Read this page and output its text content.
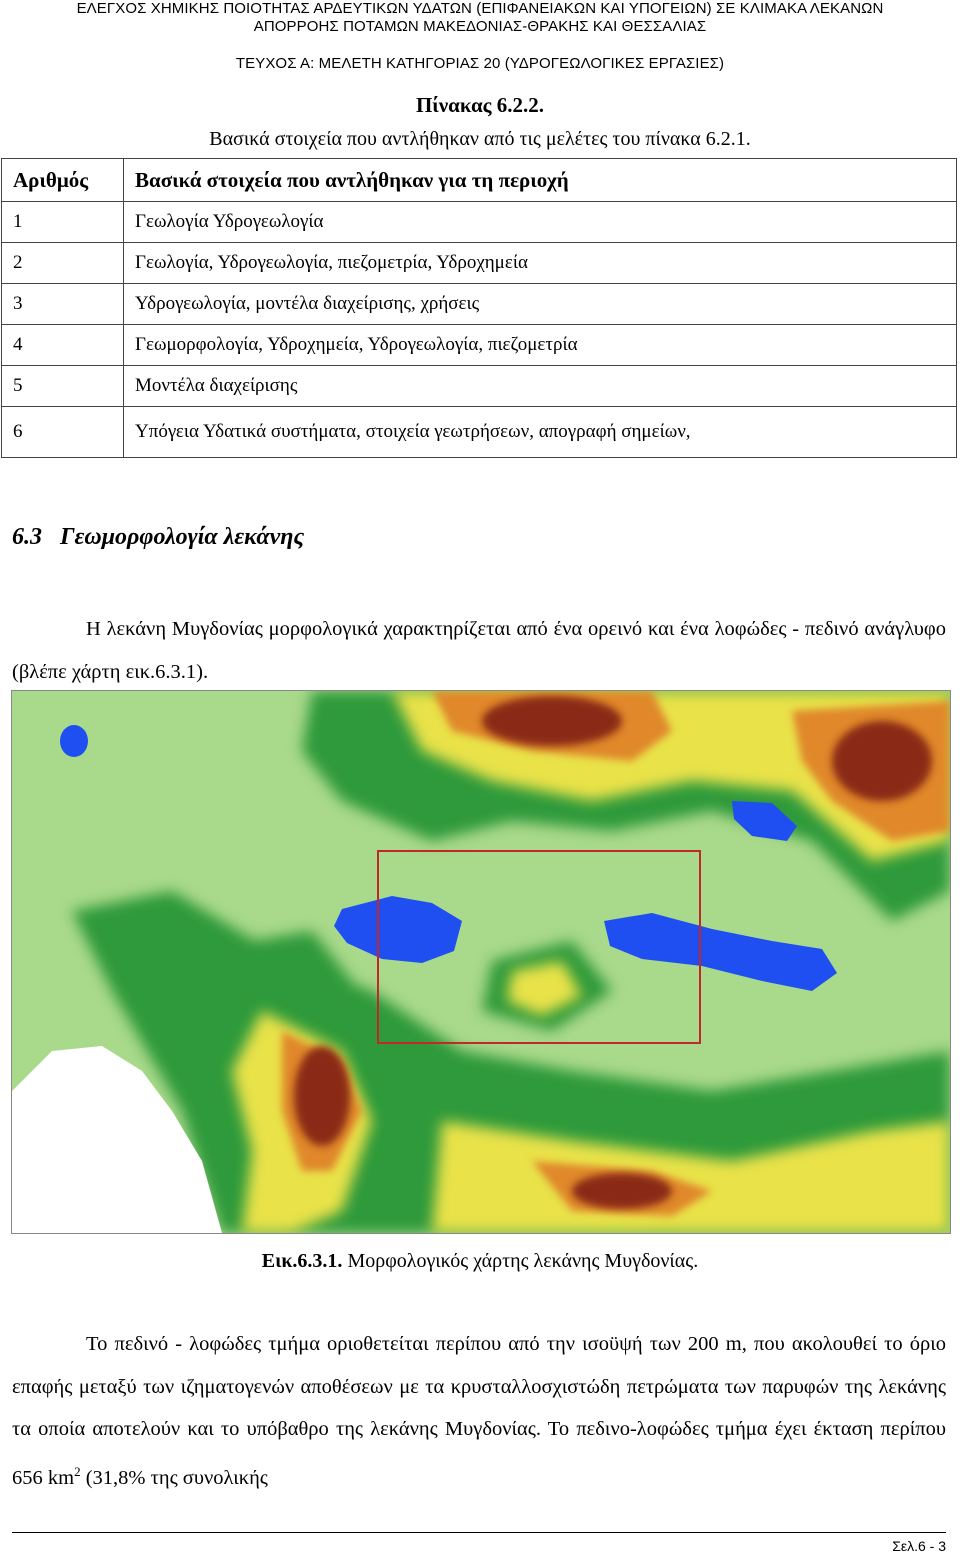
ΕΛΕΓΧΟΣ ΧΗΜΙΚΗΣ ΠΟΙΟΤΗΤΑΣ ΑΡΔΕΥΤΙΚΩΝ ΥΔΑΤΩΝ (ΕΠΙΦΑΝΕΙΑΚΩΝ ΚΑΙ ΥΠΟΓΕΙΩΝ) ΣΕ ΚΛΙΜΑΚΑ ΛΕΚΑΝΩΝ
ΑΠΟΡΡΟΗΣ ΠΟΤΑΜΩΝ ΜΑΚΕΔΟΝΙΑΣ-ΘΡΑΚΗΣ ΚΑΙ ΘΕΣΣΑΛΙΑΣ
ΤΕΥΧΟΣ Α: ΜΕΛΕΤΗ ΚΑΤΗΓΟΡΙΑΣ 20 (ΥΔΡΟΓΕΩΛΟΓΙΚΕΣ ΕΡΓΑΣΙΕΣ)
Πίνακας 6.2.2.
Βασικά στοιχεία που αντλήθηκαν από τις μελέτες του πίνακα 6.2.1.
Αριθμός	Βασικά στοιχεία που αντλήθηκαν για τη περιοχή
1	Γεωλογία Υδρογεωλογία
2	Γεωλογία, Υδρογεωλογία, πιεζομετρία, Υδροχημεία
3	Υδρογεωλογία, μοντέλα διαχείρισης, χρήσεις
4	Γεωμορφολογία, Υδροχημεία, Υδρογεωλογία, πιεζομετρία
5	Μοντέλα διαχείρισης
6	Υπόγεια Υδατικά συστήματα, στοιχεία γεωτρήσεων, απογραφή σημείων,
6.3   Γεωμορφολογία λεκάνης
Η λεκάνη Μυγδονίας μορφολογικά χαρακτηρίζεται από ένα ορεινό και ένα λοφώδες - πεδινό ανάγλυφο (βλέπε χάρτη εικ.6.3.1).
Εικ.6.3.1. Μορφολογικός χάρτης λεκάνης Μυγδονίας.
Το πεδινό - λοφώδες τμήμα οριοθετείται περίπου από την ισοϋψή των 200 m, που ακολουθεί το όριο επαφής μεταξύ των ιζηματογενών αποθέσεων με τα κρυσταλλοσχιστώδη πετρώματα των παρυφών της λεκάνης τα οποία αποτελούν και το υπόβαθρο της λεκάνης Μυγδονίας. Το πεδινο-λοφώδες τμήμα έχει έκταση περίπου 656 $km^2$ (31,8% της συνολικής
Σελ.6 - 3
